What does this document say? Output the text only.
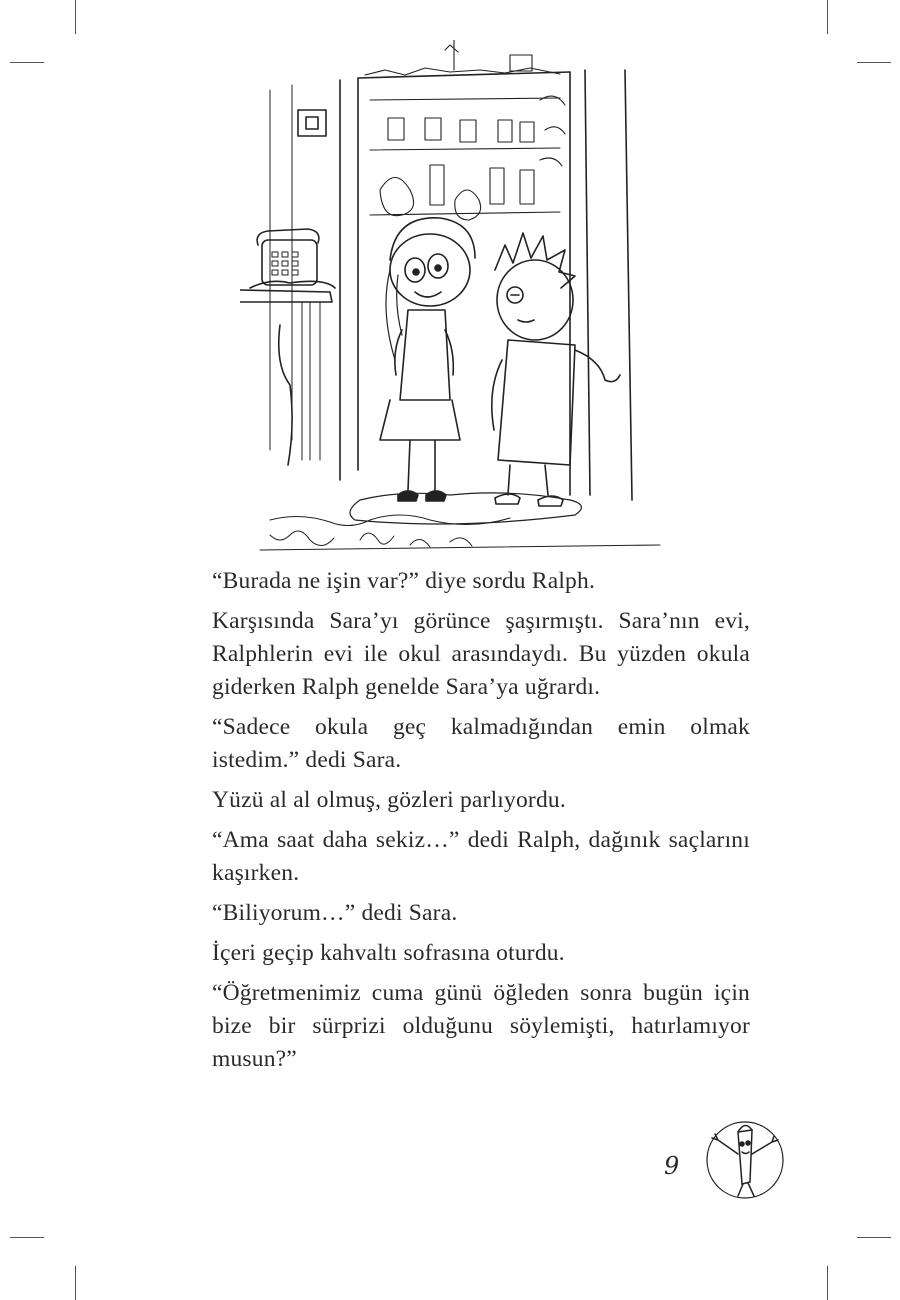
“Burada ne işin var?” diye sordu Ralph.

Karşısında Sara’yı görünce şaşırmıştı. Sara’nın evi, Ralphlerin evi ile okul arasındaydı. Bu yüzden okula giderken Ralph genelde Sara’ya uğrardı.

“Sadece okula geç kalmadığından emin olmak istedim.” dedi Sara.

Yüzü al al olmuş, gözleri parlıyordu.

“Ama saat daha sekiz…” dedi Ralph, dağınık saçlarını kaşırken.

“Biliyorum…” dedi Sara.

İçeri geçip kahvaltı sofrasına oturdu.

“Öğretmenimiz cuma günü öğleden sonra bugün için bize bir sürprizi olduğunu söylemişti, hatırlamıyor musun?”

9
